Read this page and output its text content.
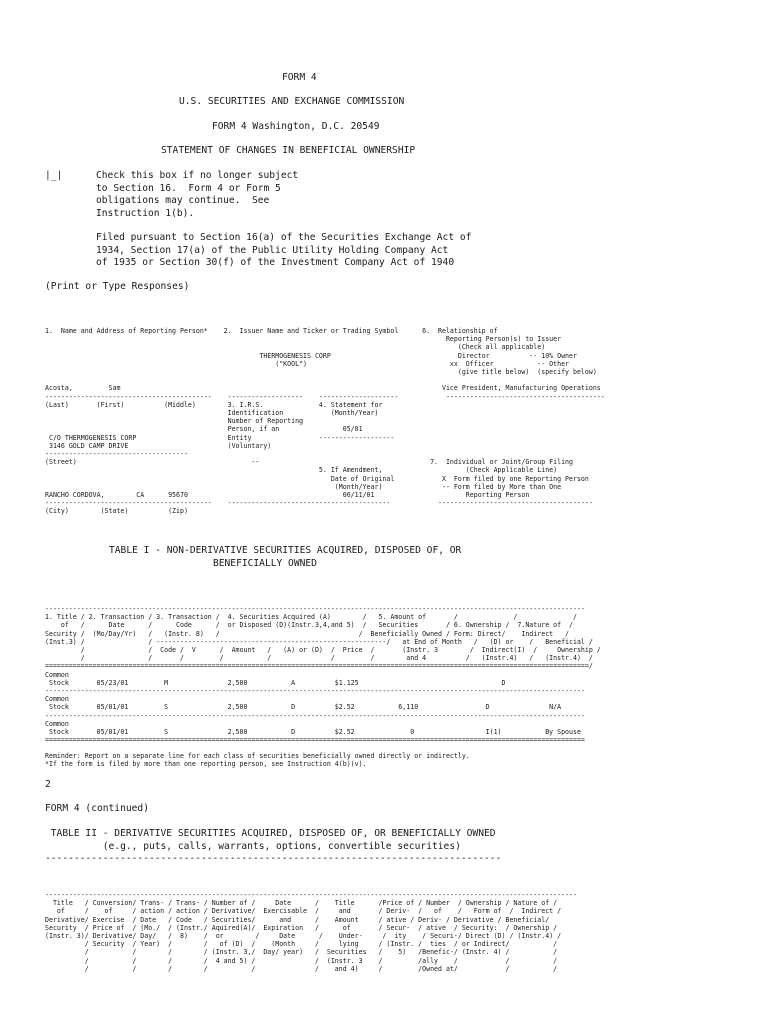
FORM 4
U.S. SECURITIES AND EXCHANGE COMMISSION
FORM 4 Washington, D.C. 20549
STATEMENT OF CHANGES IN BENEFICIAL OWNERSHIP
|_|	Check this box if no longer subject
to Section 16.  Form 4 or Form 5
obligations may continue.  See
Instruction 1(b).
Filed pursuant to Section 16(a) of the Securities Exchange Act of
1934, Section 17(a) of the Public Utility Holding Company Act
of 1935 or Section 30(f) of the Investment Company Act of 1940
(Print or Type Responses)
1.  Name and Address of Reporting Person*    2.  Issuer Name and Ticker or Trading Symbol      6.  Relationship of
Reporting Person(s) to Issuer
(Check all applicable)
THERMOGENESIS CORP                                Director          -- 10% Owner
("KOOL")                                    xx  Officer           -- Other
(give title below)  (specify below)

Acosta,         Sam                                                                                 Vice President, Manufacturing Operations
------------------------------------------    -------------------    --------------------            ----------------------------------------
(Last)       (First)          (Middle)        3. I.R.S.              4. Statement for
Identification            (Month/Year)
Number of Reporting
Person, if an                05/01
C/O THERMOGENESIS CORP                       Entity                 -------------------
3146 GOLD CAMP DRIVE                         (Voluntary)
------------------------------------
(Street)                                            --                                           7.  Individual or Joint/Group Filing
5. If Amendment,                     (Check Applicable Line)
Date of Original            X  Form filed by one Reporting Person
(Month/Year)               -- Form filed by More than One
RANCHO CORDOVA,        CA      95670                                       06/11/01                       Reporting Person
------------------------------------------    -----------------------------------------            ---------------------------------------
(City)        (State)          (Zip)
TABLE I - NON-DERIVATIVE SECURITIES ACQUIRED, DISPOSED OF, OR
BENEFICIALLY OWNED
----------------------------------------------------------------------------------------------------------------------------------------
1. Title / 2. Transaction / 3. Transaction /  4. Securities Acquired (A)        /   5. Amount of       /              /              /
of   /      Date      /      Code      /  or Disposed (D)(Instr.3,4,and 5)  /   Securities       / 6. Ownership /  7.Nature of  /
Security /  (Mo/Day/Yr)   /   (Instr. 8)   /                                   /  Beneficially Owned / Form: Direct/    Indirect   /
(Inst.3) /                / ----------------------------------------------------------/   at End of Month   /   (D) or    /   Beneficial /
/                /  Code /  V      /  Amount   /   (A) or (D)  /  Price  /       (Instr. 3        /  Indirect(I)  /     Ownership /
/                /       /         /           /               /         /        and 4          /   (Instr.4)   /   (Instr.4)  /
=========================================================================================================================================/
Common
Stock       05/23/01         M               2,500           A          $1.125                                    D
----------------------------------------------------------------------------------------------------------------------------------------
Common
Stock       05/01/01         S               2,500           D          $2.52           6,110                 D               N/A
----------------------------------------------------------------------------------------------------------------------------------------
Common
Stock       05/01/01         S               2,500           D          $2.52              0                  I(1)           By Spouse
========================================================================================================================================
Reminder: Report on a separate line for each class of securities beneficially owned directly or indirectly.
*If the form is filed by more than one reporting person, see Instruction 4(b)(v).
2
FORM 4 (continued)
TABLE II - DERIVATIVE SECURITIES ACQUIRED, DISPOSED OF, OR BENEFICIALLY OWNED
(e.g., puts, calls, warrants, options, convertible securities)
-------------------------------------------------------------------------------
--------------------------------------------------------------------------------------------------------------------------------------
Title   / Conversion/ Trans- / Trans- / Number of /     Date      /    Title      /Price of / Number  / Ownership / Nature of /
of     /    of     / action / action / Derivative/  Exercisable  /     and       / Deriv-  /   of    /   Form of  /  Indirect /
Derivative/ Exercise  / Date   / Code   / Securities/      and      /    Amount     / ative / Deriv- / Derivative / Beneficial/
Security  / Price of  / (Mo./  / (Instr./ Aquired(A)/  Expiration   /      of       / Secur-  / ative  / Security:  / Ownership /
(Instr. 3)/ Derivative/ Day/   /  8)    /  or        /     Date      /    Under-     /  ity    / Securi-/ Direct (D) / (Instr.4) /
/ Security  / Year)  /        /   of (D)  /    (Month     /     lying     / (Instr. /  ties  / or Indirect/           /
/           /        /        / (Instr. 3,/  Day/ year)   /  Securities   /    5)   /Benefic-/ (Instr. 4) /           /
/           /        /        /  4 and 5) /               /  (Instr. 3    /         /ally    /            /           /
/           /        /        /           /               /    and 4)     /         /Owned at/            /           /
